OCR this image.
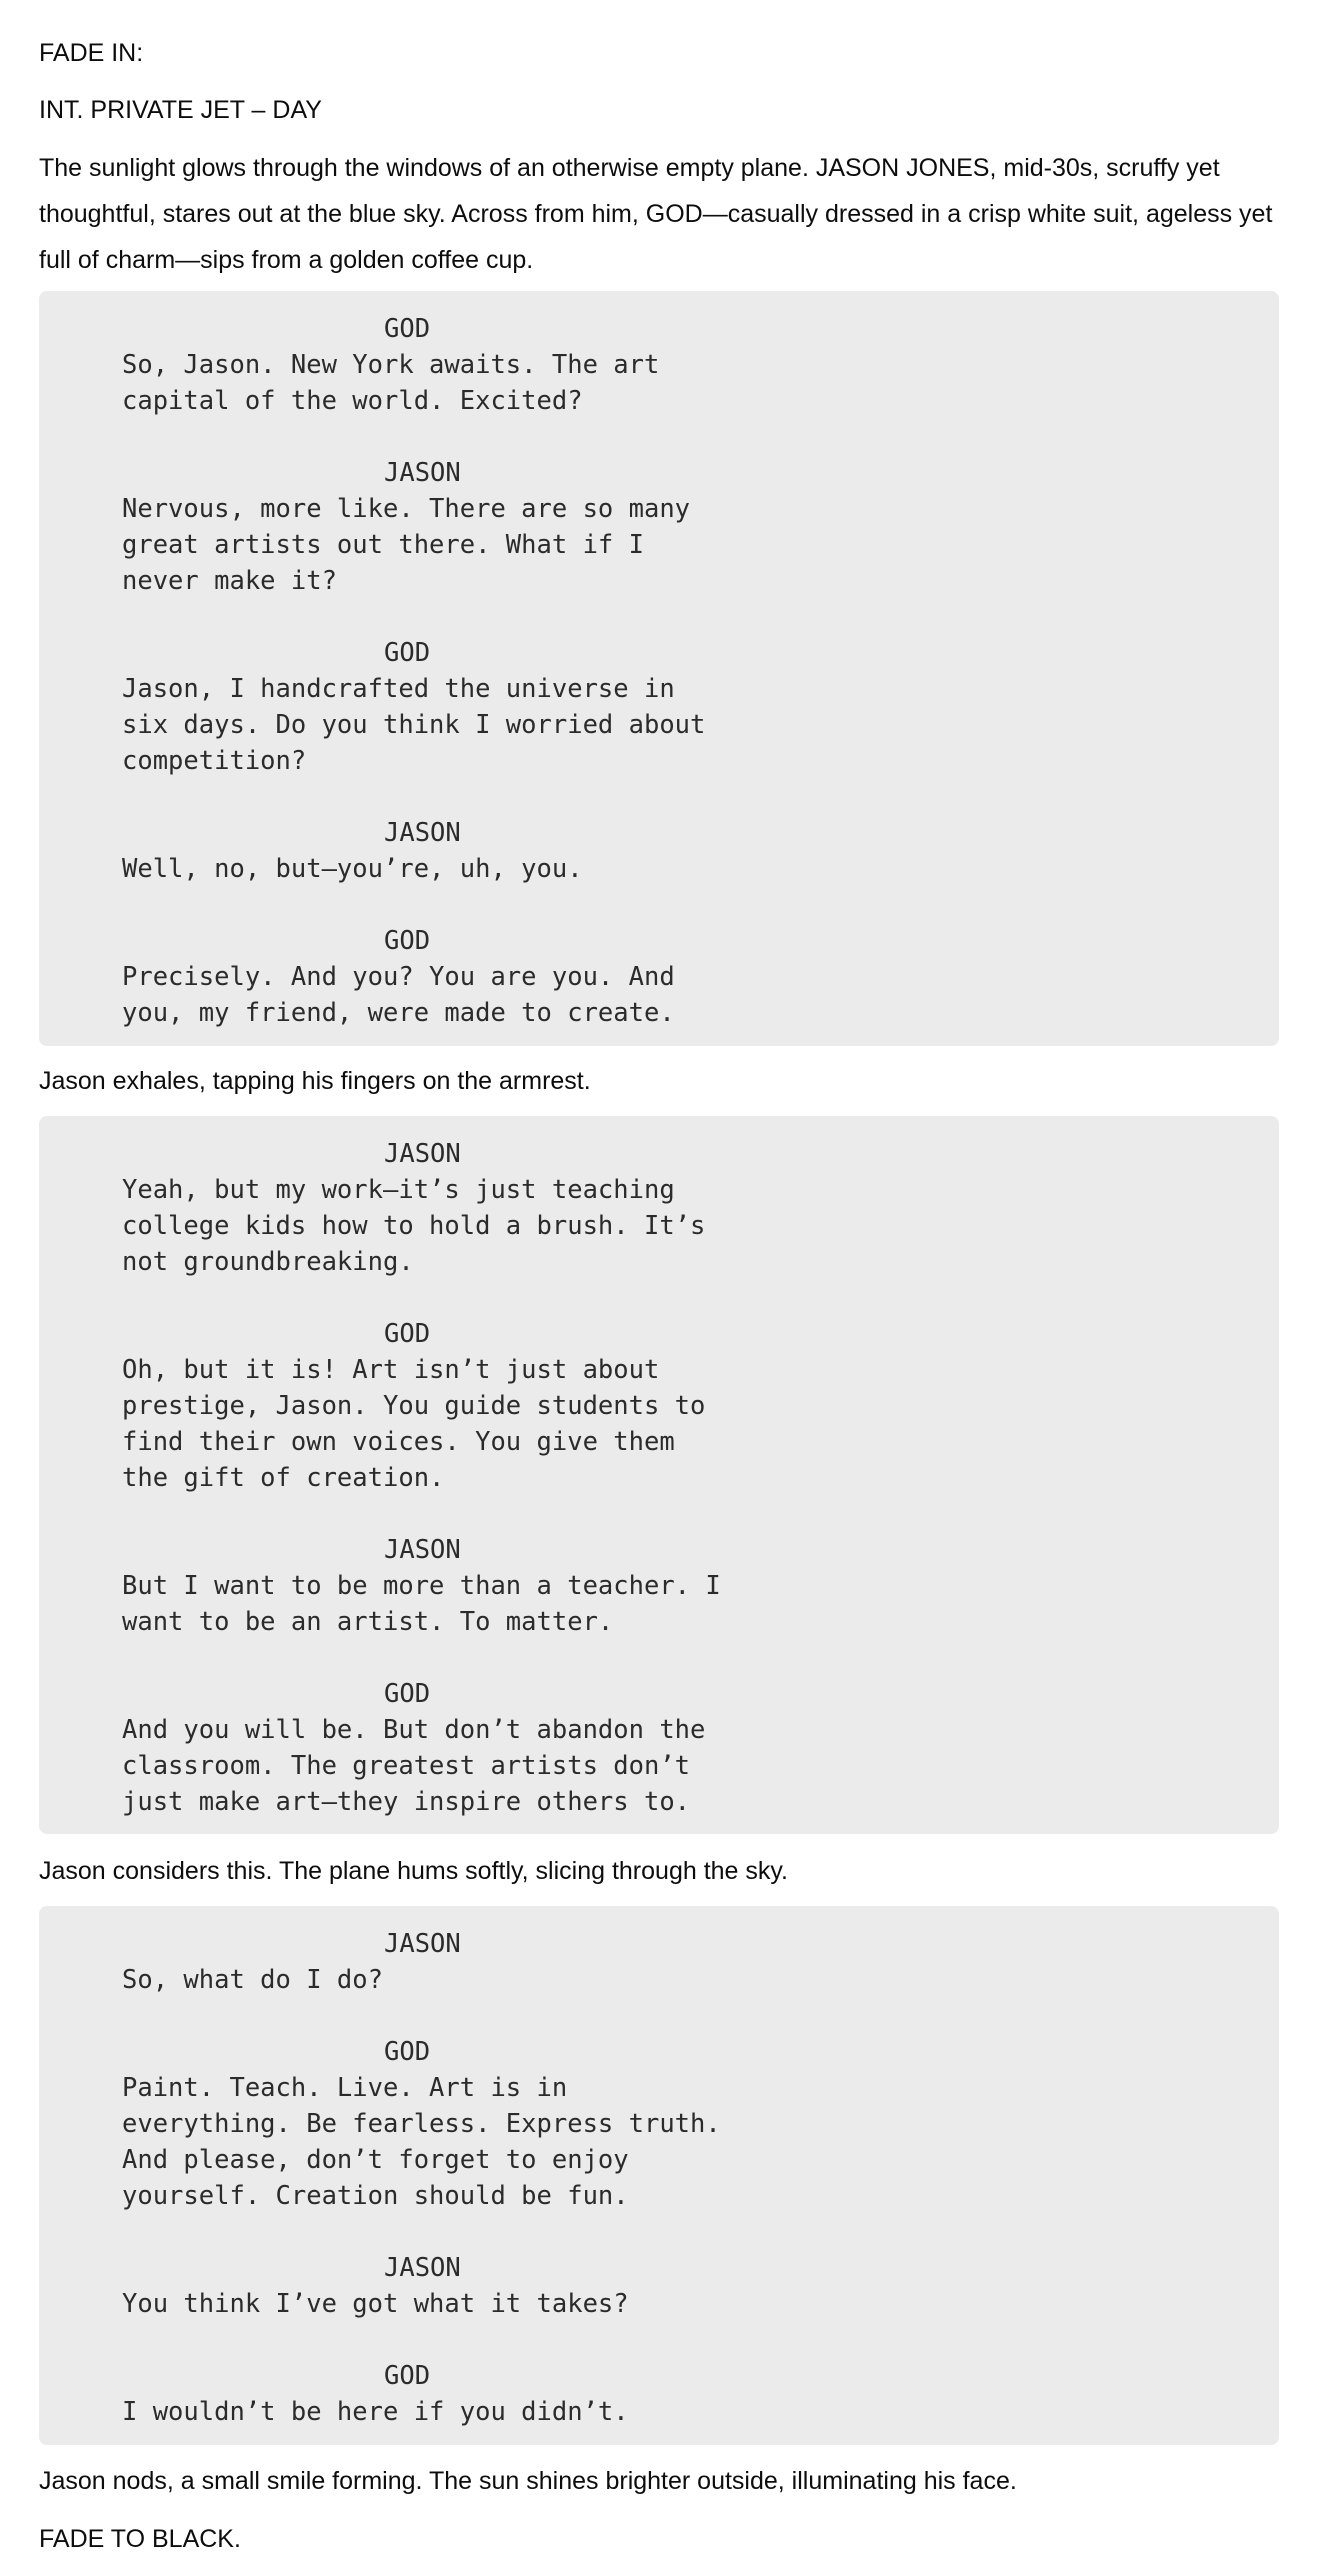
FADE IN:

INT. PRIVATE JET – DAY

The sunlight glows through the windows of an otherwise empty plane. JASON JONES, mid-30s, scruffy yet thoughtful, stares out at the blue sky. Across from him, GOD—casually dressed in a crisp white suit, ageless yet full of charm—sips from a golden coffee cup.

GOD
So, Jason. New York awaits. The art
capital of the world. Excited?
JASON
Nervous, more like. There are so many
great artists out there. What if I
never make it?
GOD
Jason, I handcrafted the universe in
six days. Do you think I worried about
competition?
JASON
Well, no, but—you’re, uh, you.
GOD
Precisely. And you? You are you. And
you, my friend, were made to create.

Jason exhales, tapping his fingers on the armrest.

JASON
Yeah, but my work—it’s just teaching
college kids how to hold a brush. It’s
not groundbreaking.
GOD
Oh, but it is! Art isn’t just about
prestige, Jason. You guide students to
find their own voices. You give them
the gift of creation.
JASON
But I want to be more than a teacher. I
want to be an artist. To matter.
GOD
And you will be. But don’t abandon the
classroom. The greatest artists don’t
just make art—they inspire others to.

Jason considers this. The plane hums softly, slicing through the sky.

JASON
So, what do I do?
GOD
Paint. Teach. Live. Art is in
everything. Be fearless. Express truth.
And please, don’t forget to enjoy
yourself. Creation should be fun.
JASON
You think I’ve got what it takes?
GOD
I wouldn’t be here if you didn’t.

Jason nods, a small smile forming. The sun shines brighter outside, illuminating his face.

FADE TO BLACK.
